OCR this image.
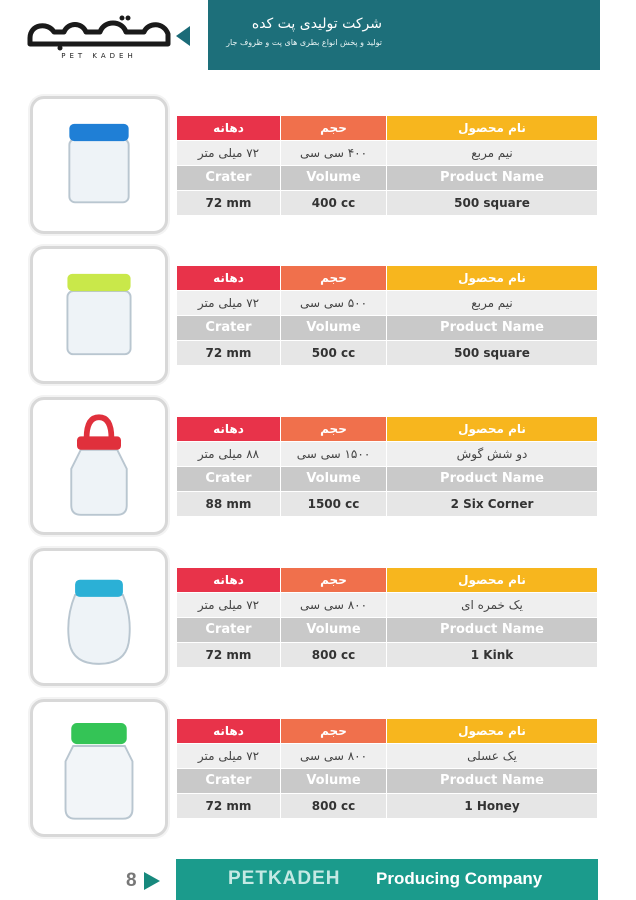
PET KADEH
شرکت تولیدی پت کده
تولید و پخش انواع بطری های پت و ظروف جار
دهانه	حجم	نام محصول
۷۲ میلی متر	۴۰۰ سی سی	نیم مربع
Crater	Volume	Product Name
72 mm	400 cc	500 square
دهانه	حجم	نام محصول
۷۲ میلی متر	۵۰۰ سی سی	نیم مربع
Crater	Volume	Product Name
72 mm	500 cc	500 square
دهانه	حجم	نام محصول
۸۸ میلی متر	۱۵۰۰ سی سی	دو شش گوش
Crater	Volume	Product Name
88 mm	1500 cc	2 Six Corner
دهانه	حجم	نام محصول
۷۲ میلی متر	۸۰۰ سی سی	یک خمره ای
Crater	Volume	Product Name
72 mm	800 cc	1 Kink
دهانه	حجم	نام محصول
۷۲ میلی متر	۸۰۰ سی سی	یک عسلی
Crater	Volume	Product Name
72 mm	800 cc	1 Honey
8	PETKADEH Producing Company
